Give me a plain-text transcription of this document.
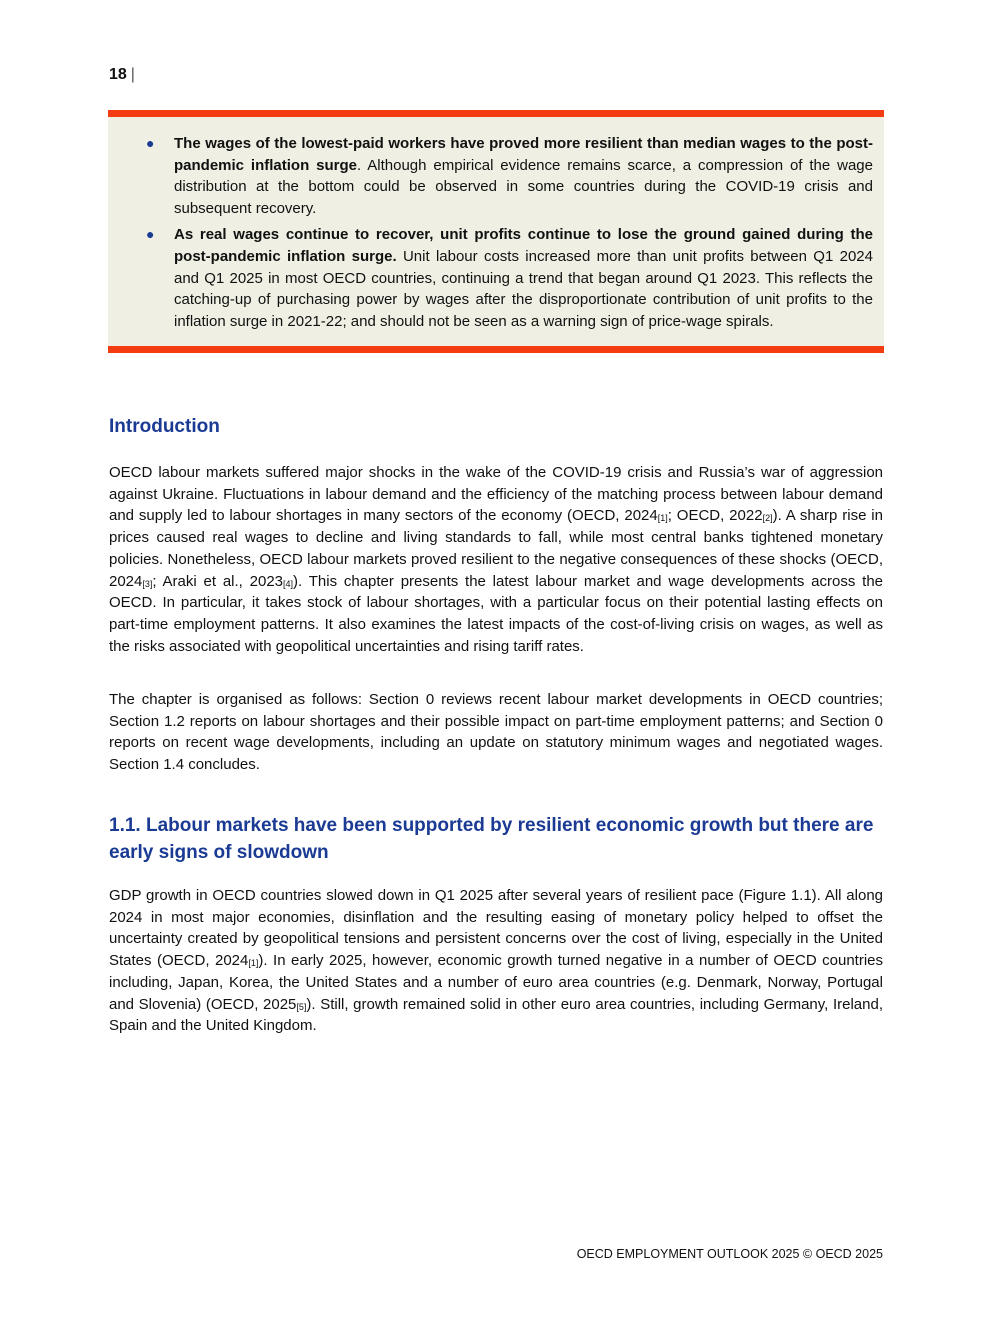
18 |
● The wages of the lowest-paid workers have proved more resilient than median wages to the post-pandemic inflation surge. Although empirical evidence remains scarce, a compression of the wage distribution at the bottom could be observed in some countries during the COVID-19 crisis and subsequent recovery.
● As real wages continue to recover, unit profits continue to lose the ground gained during the post-pandemic inflation surge. Unit labour costs increased more than unit profits between Q1 2024 and Q1 2025 in most OECD countries, continuing a trend that began around Q1 2023. This reflects the catching-up of purchasing power by wages after the disproportionate contribution of unit profits to the inflation surge in 2021-22; and should not be seen as a warning sign of price-wage spirals.
Introduction

OECD labour markets suffered major shocks in the wake of the COVID-19 crisis and Russia’s war of aggression against Ukraine. Fluctuations in labour demand and the efficiency of the matching process between labour demand and supply led to labour shortages in many sectors of the economy (OECD, $2024_{[1]}$; OECD, $2022_{[2]}$). A sharp rise in prices caused real wages to decline and living standards to fall, while most central banks tightened monetary policies. Nonetheless, OECD labour markets proved resilient to the negative consequences of these shocks (OECD, $2024_{[3]}$; Araki et al., $2023_{[4]}$). This chapter presents the latest labour market and wage developments across the OECD. In particular, it takes stock of labour shortages, with a particular focus on their potential lasting effects on part-time employment patterns. It also examines the latest impacts of the cost-of-living crisis on wages, as well as the risks associated with geopolitical uncertainties and rising tariff rates.

The chapter is organised as follows: Section 0 reviews recent labour market developments in OECD countries; Section 1.2 reports on labour shortages and their possible impact on part-time employment patterns; and Section 0 reports on recent wage developments, including an update on statutory minimum wages and negotiated wages. Section 1.4 concludes.

1.1. Labour markets have been supported by resilient economic growth but there are early signs of slowdown

GDP growth in OECD countries slowed down in Q1 2025 after several years of resilient pace (Figure 1.1). All along 2024 in most major economies, disinflation and the resulting easing of monetary policy helped to offset the uncertainty created by geopolitical tensions and persistent concerns over the cost of living, especially in the United States (OECD, $2024_{[1]}$). In early 2025, however, economic growth turned negative in a number of OECD countries including, Japan, Korea, the United States and a number of euro area countries (e.g. Denmark, Norway, Portugal and Slovenia) (OECD, $2025_{[5]}$). Still, growth remained solid in other euro area countries, including Germany, Ireland, Spain and the United Kingdom.

OECD EMPLOYMENT OUTLOOK 2025 © OECD 2025
